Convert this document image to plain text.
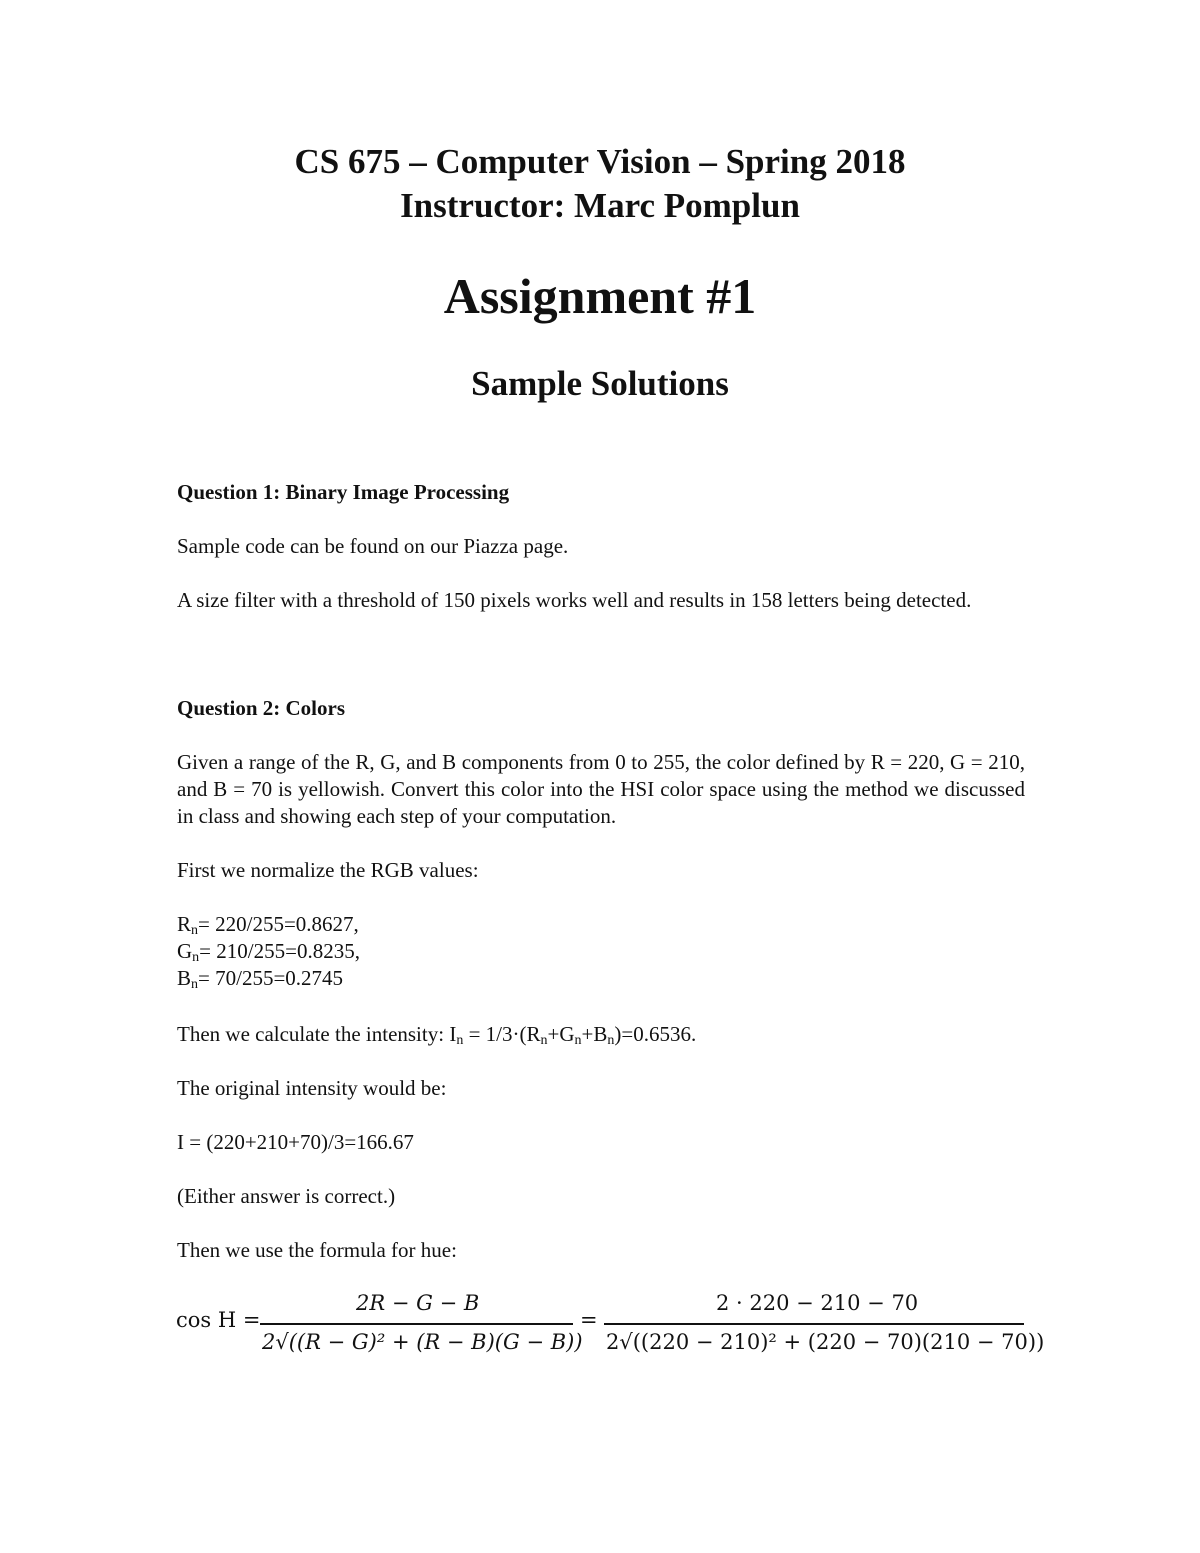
CS 675 – Computer Vision – Spring 2018
Instructor: Marc Pomplun
Assignment #1
Sample Solutions
Question 1: Binary Image Processing
Sample code can be found on our Piazza page.
A size filter with a threshold of 150 pixels works well and results in 158 letters being detected.
Question 2: Colors
Given a range of the R, G, and B components from 0 to 255, the color defined by R = 220, G = 210, and B = 70 is yellowish. Convert this color into the HSI color space using the method we discussed in class and showing each step of your computation.
First we normalize the RGB values:
$R_n= 220/255=0.8627$,
$G_n= 210/255=0.8235$,
$B_n= 70/255=0.2745$
Then we calculate the intensity: $I_n = 1/3\cdot(R_n+G_n+B_n)=0.6536$.
The original intensity would be:
I = (220+210+70)/3=166.67
(Either answer is correct.)
Then we use the formula for hue:
cos H =
2R − G − B
2√((R − G)² + (R − B)(G − B))
=
2 · 220 − 210 − 70
2√((220 − 210)² + (220 − 70)(210 − 70))
